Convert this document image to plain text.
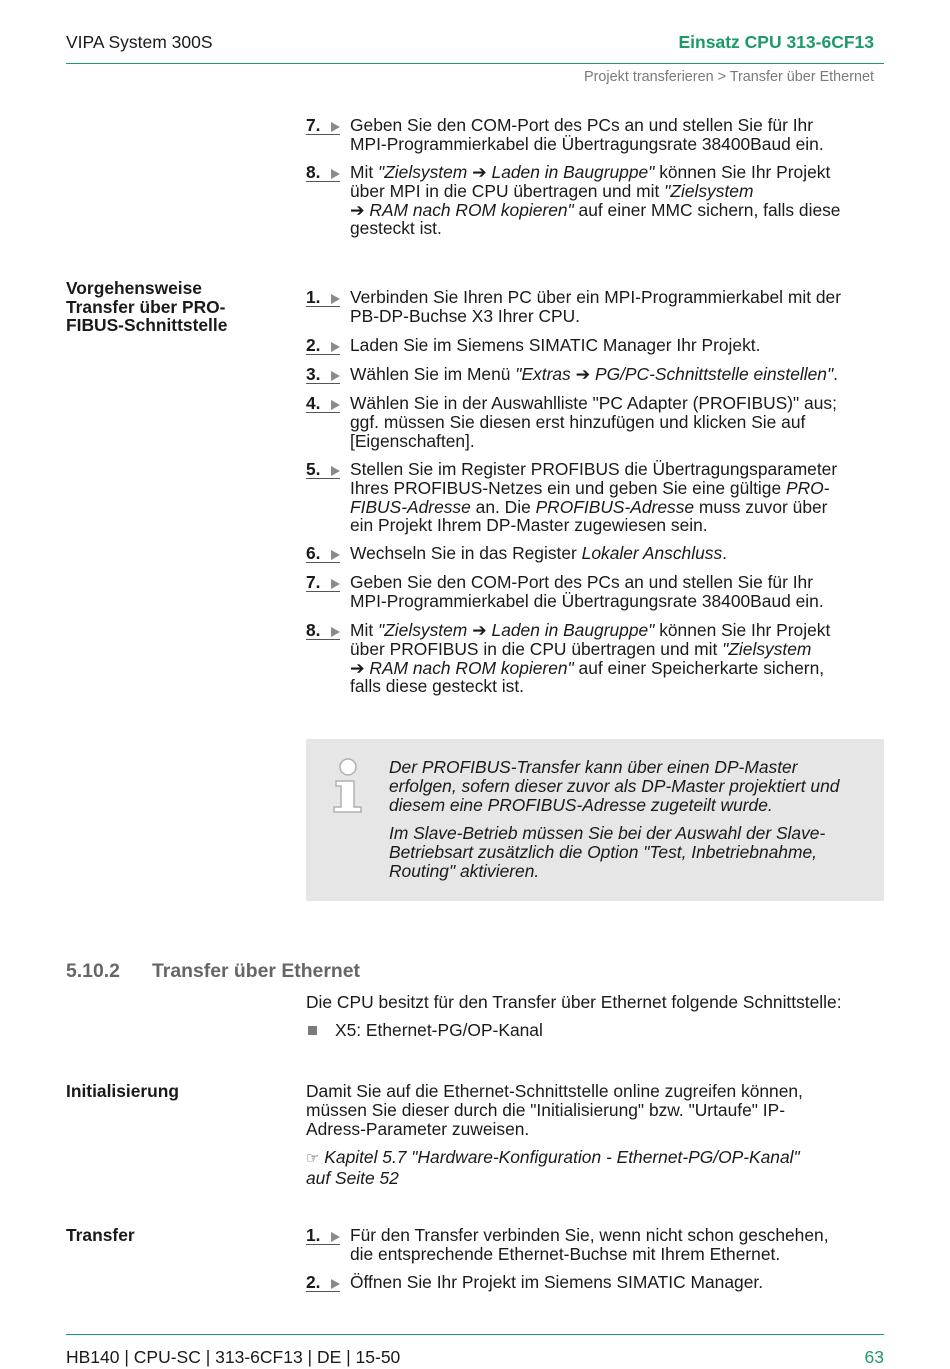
VIPA System 300S	Einsatz CPU 313-6CF13
Projekt transferieren > Transfer über Ethernet
7. Geben Sie den COM-Port des PCs an und stellen Sie für Ihr
MPI-Programmierkabel die Übertragungsrate 38400Baud ein.
8. Mit "Zielsystem ➔ Laden in Baugruppe" können Sie Ihr Projekt
über MPI in die CPU übertragen und mit "Zielsystem
➔ RAM nach ROM kopieren" auf einer MMC sichern, falls diese
gesteckt ist.
Vorgehensweise
Transfer über PRO-
FIBUS-Schnittstelle
1. Verbinden Sie Ihren PC über ein MPI-Programmierkabel mit der
PB-DP-Buchse X3 Ihrer CPU.
2. Laden Sie im Siemens SIMATIC Manager Ihr Projekt.
3. Wählen Sie im Menü "Extras ➔ PG/PC-Schnittstelle einstellen".
4. Wählen Sie in der Auswahlliste "PC Adapter (PROFIBUS)" aus;
ggf. müssen Sie diesen erst hinzufügen und klicken Sie auf
[Eigenschaften].
5. Stellen Sie im Register PROFIBUS die Übertragungsparameter
Ihres PROFIBUS-Netzes ein und geben Sie eine gültige PRO-
FIBUS-Adresse an. Die PROFIBUS-Adresse muss zuvor über
ein Projekt Ihrem DP-Master zugewiesen sein.
6. Wechseln Sie in das Register Lokaler Anschluss.
7. Geben Sie den COM-Port des PCs an und stellen Sie für Ihr
MPI-Programmierkabel die Übertragungsrate 38400Baud ein.
8. Mit "Zielsystem ➔ Laden in Baugruppe" können Sie Ihr Projekt
über PROFIBUS in die CPU übertragen und mit "Zielsystem
➔ RAM nach ROM kopieren" auf einer Speicherkarte sichern,
falls diese gesteckt ist.
Der PROFIBUS-Transfer kann über einen DP-Master
erfolgen, sofern dieser zuvor als DP-Master projektiert und
diesem eine PROFIBUS-Adresse zugeteilt wurde.
Im Slave-Betrieb müssen Sie bei der Auswahl der Slave-
Betriebsart zusätzlich die Option "Test, Inbetriebnahme,
Routing" aktivieren.
5.10.2 Transfer über Ethernet
Die CPU besitzt für den Transfer über Ethernet folgende Schnittstelle:
X5: Ethernet-PG/OP-Kanal
Initialisierung	Damit Sie auf die Ethernet-Schnittstelle online zugreifen können,
müssen Sie dieser durch die "Initialisierung" bzw. "Urtaufe" IP-
Adress-Parameter zuweisen.
☞ Kapitel 5.7 "Hardware-Konfiguration - Ethernet-PG/OP-Kanal"
auf Seite 52
Transfer	1. Für den Transfer verbinden Sie, wenn nicht schon geschehen,
die entsprechende Ethernet-Buchse mit Ihrem Ethernet.
2. Öffnen Sie Ihr Projekt im Siemens SIMATIC Manager.
HB140 | CPU-SC | 313-6CF13 | DE | 15-50	63
